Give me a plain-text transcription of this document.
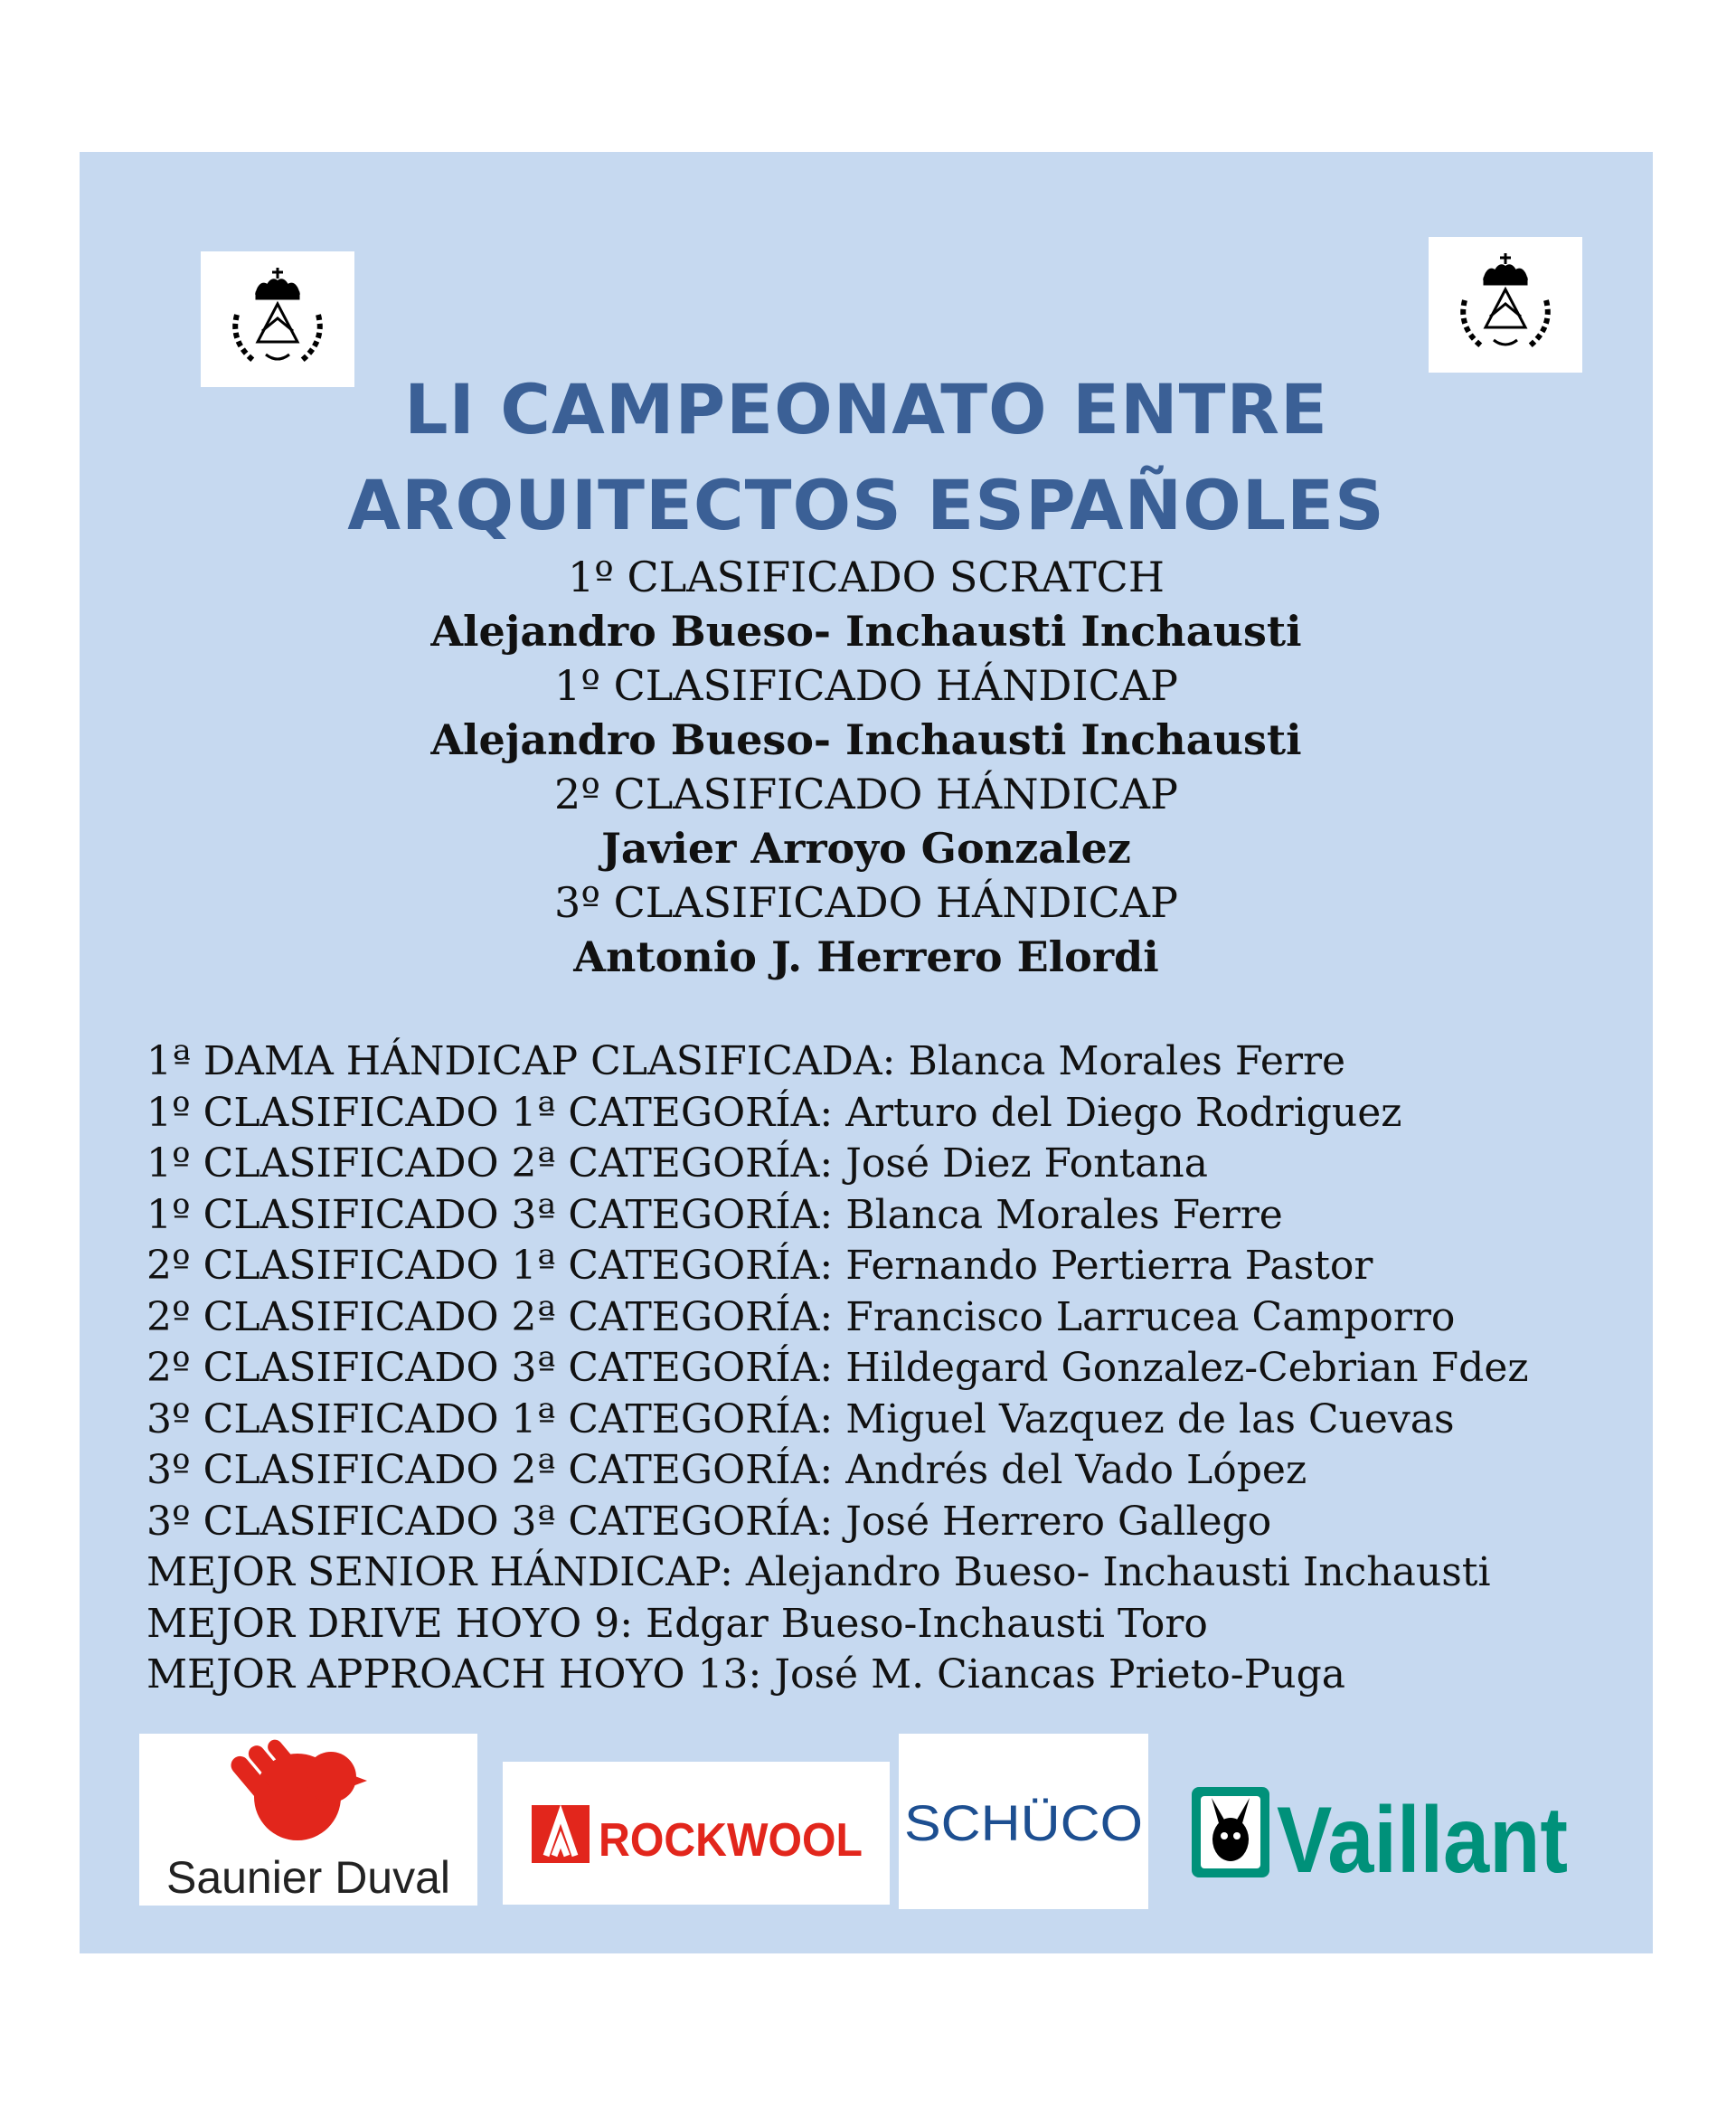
LI CAMPEONATO ENTRE
ARQUITECTOS ESPAÑOLES
1º CLASIFICADO SCRATCH
Alejandro Bueso- Inchausti Inchausti
1º CLASIFICADO HÁNDICAP
Alejandro Bueso- Inchausti Inchausti
2º CLASIFICADO HÁNDICAP
Javier Arroyo Gonzalez
3º CLASIFICADO HÁNDICAP
Antonio J. Herrero Elordi
1ª DAMA HÁNDICAP CLASIFICADA: Blanca Morales Ferre
1º CLASIFICADO 1ª CATEGORÍA: Arturo del Diego Rodriguez
1º CLASIFICADO 2ª CATEGORÍA: José Diez Fontana
1º CLASIFICADO 3ª CATEGORÍA: Blanca Morales Ferre
2º CLASIFICADO 1ª CATEGORÍA: Fernando Pertierra Pastor
2º CLASIFICADO 2ª CATEGORÍA: Francisco Larrucea Camporro
2º CLASIFICADO 3ª CATEGORÍA: Hildegard Gonzalez-Cebrian Fdez
3º CLASIFICADO 1ª CATEGORÍA: Miguel Vazquez de las Cuevas
3º CLASIFICADO 2ª CATEGORÍA: Andrés del Vado López
3º CLASIFICADO 3ª CATEGORÍA: José Herrero Gallego
MEJOR SENIOR HÁNDICAP: Alejandro Bueso- Inchausti Inchausti
MEJOR DRIVE HOYO 9: Edgar Bueso-Inchausti Toro
MEJOR APPROACH HOYO 13: José M. Ciancas Prieto-Puga
Saunier Duval
ROCKWOOL SCHÜCO Vaillant
